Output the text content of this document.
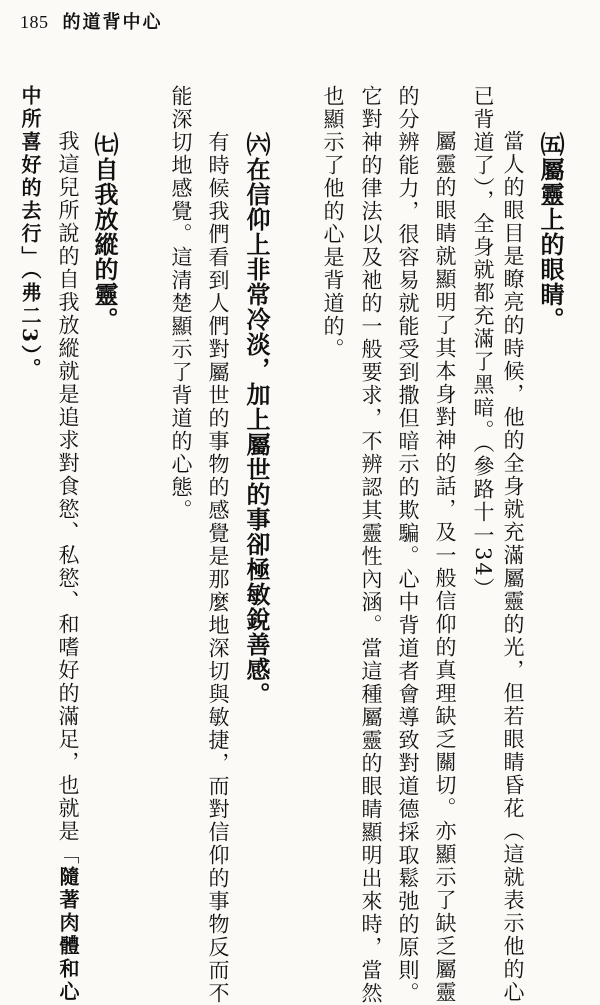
185 的道背中心
㈤屬靈上的眼睛。
　當人的眼目是瞭亮的時候，他的全身就充滿屬靈的光，但若眼睛昏花（這就表示他的心
已背道了），全身就都充滿了黑暗。（參路十一34）
　屬靈的眼睛就顯明了其本身對神的話，及一般信仰的真理缺乏關切。亦顯示了缺乏屬靈
的分辨能力，很容易就能受到撒但暗示的欺騙。心中背道者會導致對道德採取鬆弛的原則。
它對神的律法以及祂的一般要求，不辨認其靈性內涵。當這種屬靈的眼睛顯明出來時，當然
也顯示了他的心是背道的。
㈥在信仰上非常冷淡，加上屬世的事卻極敏銳善感。
　有時候我們看到人們對屬世的事物的感覺是那麼地深切與敏捷，而對信仰的事物反而不
能深切地感覺。這清楚顯示了背道的心態。
㈦自我放縱的靈。
　我這兒所說的自我放縱就是追求對食慾、私慾、和嗜好的滿足，也就是「隨著肉體和心
中所喜好的去行」（弗二3）。
